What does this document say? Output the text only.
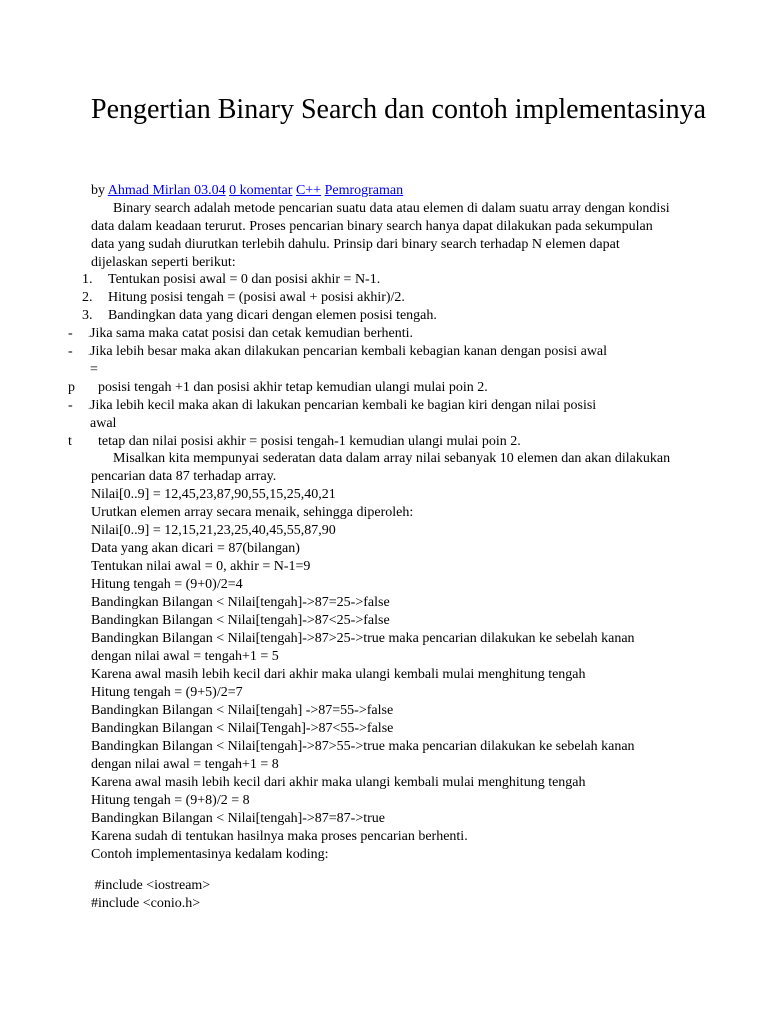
Pengertian Binary Search dan contoh implementasinya
by Ahmad Mirlan 03.04 0 komentar C++ Pemrograman

Binary search adalah metode pencarian suatu data atau elemen di dalam suatu array dengan kondisi data dalam keadaan terurut. Proses pencarian binary search hanya dapat dilakukan pada sekumpulan data yang sudah diurutkan terlebih dahulu. Prinsip dari binary search terhadap N elemen dapat dijelaskan seperti berikut:

1. Tentukan posisi awal = 0 dan posisi akhir = N-1.
2. Hitung posisi tengah = (posisi awal + posisi akhir)/2.
3. Bandingkan data yang dicari dengan elemen posisi tengah.
- . Jika sama maka catat posisi dan cetak kemudian berhenti.
- . Jika lebih besar maka akan dilakukan pencarian kembali kebagian kanan dengan posisi awal
=
p posisi tengah +1 dan posisi akhir tetap kemudian ulangi mulai poin 2.
- . Jika lebih kecil maka akan di lakukan pencarian kembali ke bagian kiri dengan nilai posisi
awal
t tetap dan nilai posisi akhir = posisi tengah-1 kemudian ulangi mulai poin 2.
Misalkan kita mempunyai sederatan data dalam array nilai sebanyak 10 elemen dan akan dilakukan pencarian data 87 terhadap array.
Nilai[0..9] = 12,45,23,87,90,55,15,25,40,21
Urutkan elemen array secara menaik, sehingga diperoleh:
Nilai[0..9] = 12,15,21,23,25,40,45,55,87,90
Data yang akan dicari = 87(bilangan)
Tentukan nilai awal = 0, akhir = N-1=9
Hitung tengah = (9+0)/2=4
Bandingkan Bilangan < Nilai[tengah]->87=25->false
Bandingkan Bilangan < Nilai[tengah]->87<25->false
Bandingkan Bilangan < Nilai[tengah]->87>25->true maka pencarian dilakukan ke sebelah kanan
dengan nilai awal = tengah+1 = 5
Karena awal masih lebih kecil dari akhir maka ulangi kembali mulai menghitung tengah
Hitung tengah = (9+5)/2=7
Bandingkan Bilangan < Nilai[tengah] ->87=55->false
Bandingkan Bilangan < Nilai[Tengah]->87<55->false
Bandingkan Bilangan < Nilai[tengah]->87>55->true maka pencarian dilakukan ke sebelah kanan
dengan nilai awal = tengah+1 = 8
Karena awal masih lebih kecil dari akhir maka ulangi kembali mulai menghitung tengah
Hitung tengah = (9+8)/2 = 8
Bandingkan Bilangan < Nilai[tengah]->87=87->true
Karena sudah di tentukan hasilnya maka proses pencarian berhenti.
Contoh implementasinya kedalam koding:
#include <iostream>
#include <conio.h>
